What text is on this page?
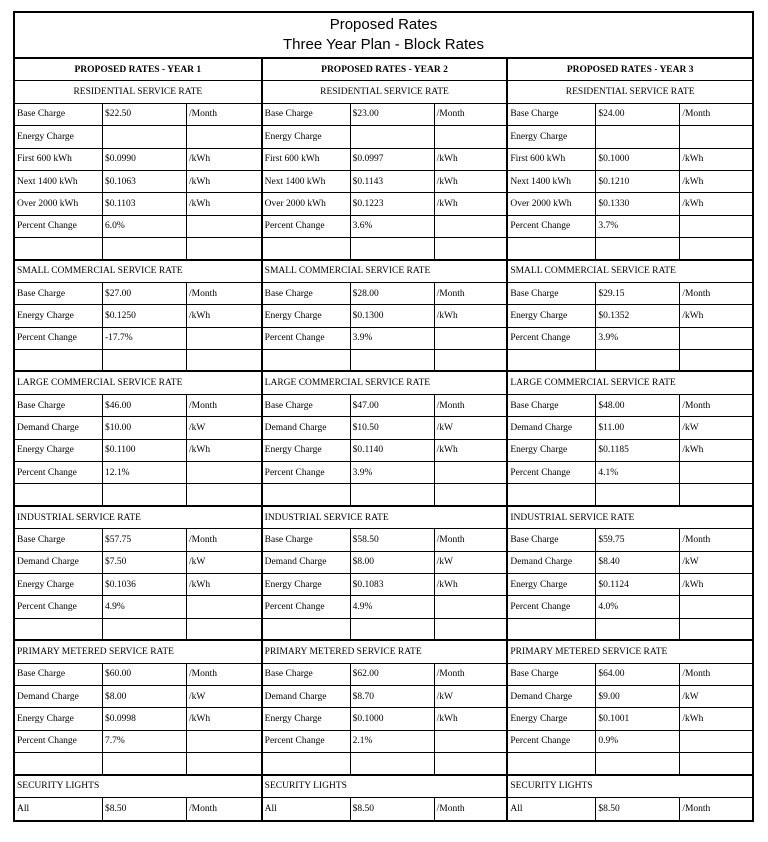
Proposed Rates
Three Year Plan - Block Rates
PROPOSED RATES - YEAR 1
RESIDENTIAL SERVICE RATE
Base Charge	$22.50	/Month
Energy Charge
First 600 kWh	$0.0990	/kWh
Next 1400 kWh	$0.1063	/kWh
Over 2000 kWh	$0.1103	/kWh
Percent Change	6.0%
SMALL COMMERCIAL SERVICE RATE
Base Charge	$27.00	/Month
Energy Charge	$0.1250	/kWh
Percent Change	-17.7%
LARGE COMMERCIAL SERVICE RATE
Base Charge	$46.00	/Month
Demand Charge	$10.00	/kW
Energy Charge	$0.1100	/kWh
Percent Change	12.1%
INDUSTRIAL SERVICE RATE
Base Charge	$57.75	/Month
Demand Charge	$7.50	/kW
Energy Charge	$0.1036	/kWh
Percent Change	4.9%
PRIMARY METERED SERVICE RATE
Base Charge	$60.00	/Month
Demand Charge	$8.00	/kW
Energy Charge	$0.0998	/kWh
Percent Change	7.7%
SECURITY LIGHTS
All	$8.50	/Month
PROPOSED RATES - YEAR 2
RESIDENTIAL SERVICE RATE
Base Charge	$23.00	/Month
Energy Charge
First 600 kWh	$0.0997	/kWh
Next 1400 kWh	$0.1143	/kWh
Over 2000 kWh	$0.1223	/kWh
Percent Change	3.6%
SMALL COMMERCIAL SERVICE RATE
Base Charge	$28.00	/Month
Energy Charge	$0.1300	/kWh
Percent Change	3.9%
LARGE COMMERCIAL SERVICE RATE
Base Charge	$47.00	/Month
Demand Charge	$10.50	/kW
Energy Charge	$0.1140	/kWh
Percent Change	3.9%
INDUSTRIAL SERVICE RATE
Base Charge	$58.50	/Month
Demand Charge	$8.00	/kW
Energy Charge	$0.1083	/kWh
Percent Change	4.9%
PRIMARY METERED SERVICE RATE
Base Charge	$62.00	/Month
Demand Charge	$8.70	/kW
Energy Charge	$0.1000	/kWh
Percent Change	2.1%
SECURITY LIGHTS
All	$8.50	/Month
PROPOSED RATES - YEAR 3
RESIDENTIAL SERVICE RATE
Base Charge	$24.00	/Month
Energy Charge
First 600 kWh	$0.1000	/kWh
Next 1400 kWh	$0.1210	/kWh
Over 2000 kWh	$0.1330	/kWh
Percent Change	3.7%
SMALL COMMERCIAL SERVICE RATE
Base Charge	$29.15	/Month
Energy Charge	$0.1352	/kWh
Percent Change	3.9%
LARGE COMMERCIAL SERVICE RATE
Base Charge	$48.00	/Month
Demand Charge	$11.00	/kW
Energy Charge	$0.1185	/kWh
Percent Change	4.1%
INDUSTRIAL SERVICE RATE
Base Charge	$59.75	/Month
Demand Charge	$8.40	/kW
Energy Charge	$0.1124	/kWh
Percent Change	4.0%
PRIMARY METERED SERVICE RATE
Base Charge	$64.00	/Month
Demand Charge	$9.00	/kW
Energy Charge	$0.1001	/kWh
Percent Change	0.9%
SECURITY LIGHTS
All	$8.50	/Month
